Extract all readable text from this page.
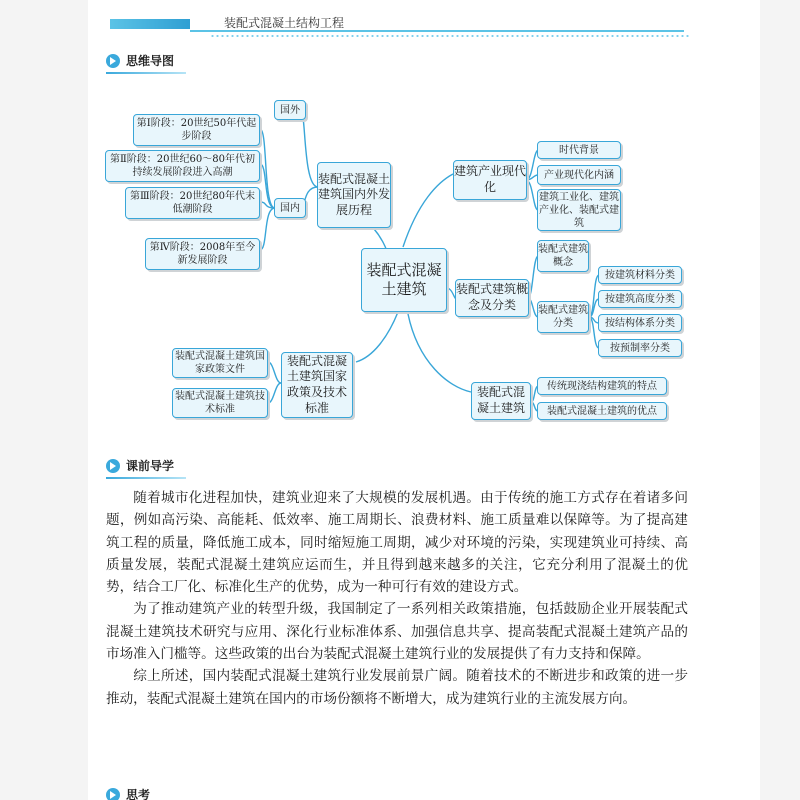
装配式混凝土结构工程
思维导图
装配式混凝土建筑
装配式混凝土建筑国内外发展历程
国外
国内
第Ⅰ阶段：20世纪50年代起步阶段
第Ⅱ阶段：20世纪60～80年代初持续发展阶段进入高潮
第Ⅲ阶段：20世纪80年代末低潮阶段
第Ⅳ阶段：2008年至今新发展阶段
建筑产业现代化
时代背景
产业现代化内涵
建筑工业化、建筑产业化、装配式建筑
装配式建筑概念及分类
装配式建筑概念
装配式建筑分类
按建筑材料分类
按建筑高度分类
按结构体系分类
按预制率分类
装配式混凝土建筑国家政策及技术标准
装配式混凝土建筑国家政策文件
装配式混凝土建筑技术标准
装配式混凝土建筑
传统现浇结构建筑的特点
装配式混凝土建筑的优点
课前导学

随着城市化进程加快，建筑业迎来了大规模的发展机遇。由于传统的施工方式存在着诸多问题，例如高污染、高能耗、低效率、施工周期长、浪费材料、施工质量难以保障等。为了提高建筑工程的质量，降低施工成本，同时缩短施工周期，减少对环境的污染，实现建筑业可持续、高质量发展，装配式混凝土建筑应运而生，并且得到越来越多的关注，它充分利用了混凝土的优势，结合工厂化、标准化生产的优势，成为一种可行有效的建设方式。

为了推动建筑产业的转型升级，我国制定了一系列相关政策措施，包括鼓励企业开展装配式混凝土建筑技术研究与应用、深化行业标准体系、加强信息共享、提高装配式混凝土建筑产品的市场准入门槛等。这些政策的出台为装配式混凝土建筑行业的发展提供了有力支持和保障。

综上所述，国内装配式混凝土建筑行业发展前景广阔。随着技术的不断进步和政策的进一步推动，装配式混凝土建筑在国内的市场份额将不断增大，成为建筑行业的主流发展方向。

思考
